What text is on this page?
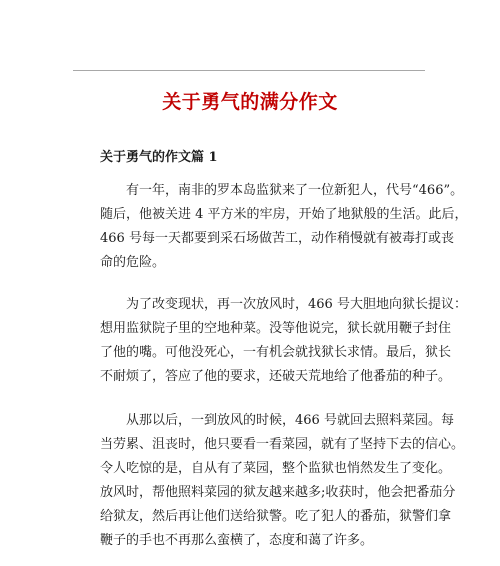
关于勇气的满分作文
关于勇气的作文篇 1

有一年，南非的罗本岛监狱来了一位新犯人，代号“466”。
随后，他被关进 4 平方米的牢房，开始了地狱般的生活。此后，
466 号每一天都要到采石场做苦工，动作稍慢就有被毒打或丧
命的危险。

为了改变现状，再一次放风时，466 号大胆地向狱长提议：
想用监狱院子里的空地种菜。没等他说完，狱长就用鞭子封住
了他的嘴。可他没死心，一有机会就找狱长求情。最后，狱长
不耐烦了，答应了他的要求，还破天荒地给了他番茄的种子。

从那以后，一到放风的时候，466 号就回去照料菜园。每
当劳累、沮丧时，他只要看一看菜园，就有了坚持下去的信心。
令人吃惊的是，自从有了菜园，整个监狱也悄然发生了变化。
放风时，帮他照料菜园的狱友越来越多;收获时，他会把番茄分
给狱友，然后再让他们送给狱警。吃了犯人的番茄，狱警们拿
鞭子的手也不再那么蛮横了，态度和蔼了许多。
